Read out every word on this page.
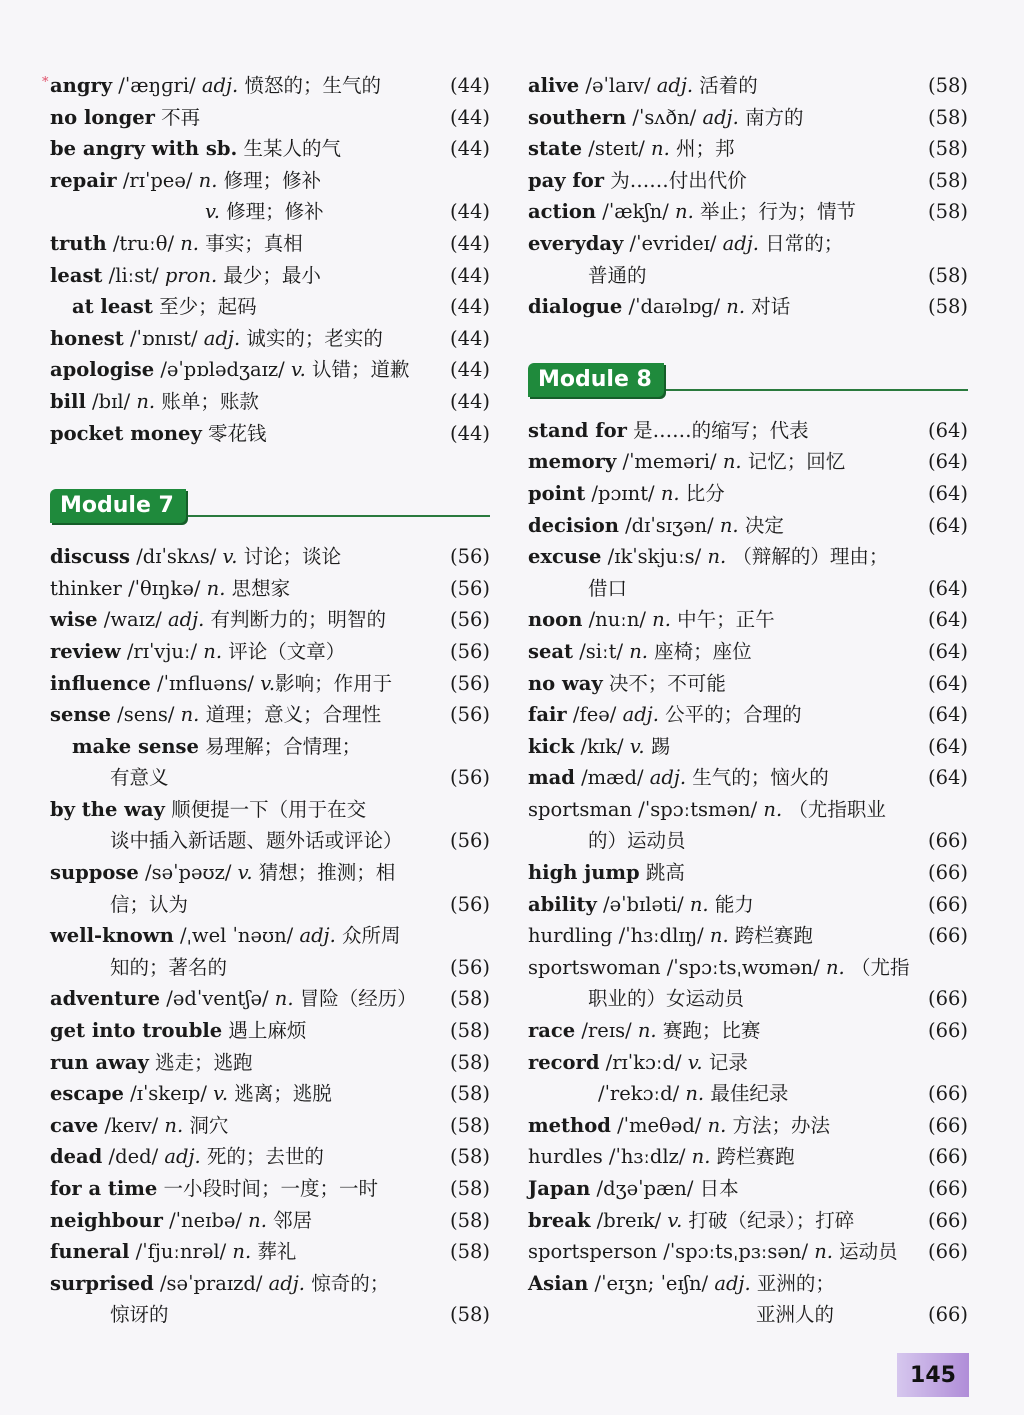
* angry /ˈæŋɡri/ adj. 愤怒的；生气的	(44)
no longer 不再	(44)
be angry with sb. 生某人的气	(44)
repair /rɪˈpeə/ n. 修理；修补
v. 修理；修补	(44)
truth /truːθ/ n. 事实；真相	(44)
least /liːst/ pron. 最少；最小	(44)
at least 至少；起码	(44)
honest /ˈɒnɪst/ adj. 诚实的；老实的	(44)
apologise /əˈpɒlədʒaɪz/ v. 认错；道歉	(44)
bill /bɪl/ n. 账单；账款	(44)
pocket money 零花钱	(44)
Module 7
discuss /dɪˈskʌs/ v. 讨论；谈论	(56)
thinker /ˈθɪŋkə/ n. 思想家	(56)
wise /waɪz/ adj. 有判断力的；明智的	(56)
review /rɪˈvjuː/ n. 评论（文章）	(56)
influence /ˈɪnfluəns/ v.影响；作用于	(56)
sense /sens/ n. 道理；意义；合理性	(56)
make sense 易理解；合情理；
有意义	(56)
by the way 顺便提一下（用于在交
谈中插入新话题、题外话或评论）	(56)
suppose /səˈpəʊz/ v. 猜想；推测；相
信；认为	(56)
well-known /ˌwel ˈnəʊn/ adj. 众所周
知的；著名的	(56)
adventure /ədˈventʃə/ n. 冒险（经历）	(58)
get into trouble 遇上麻烦	(58)
run away 逃走；逃跑	(58)
escape /ɪˈskeɪp/ v. 逃离；逃脱	(58)
cave /keɪv/ n. 洞穴	(58)
dead /ded/ adj. 死的；去世的	(58)
for a time 一小段时间；一度；一时	(58)
neighbour /ˈneɪbə/ n. 邻居	(58)
funeral /ˈfjuːnrəl/ n. 葬礼	(58)
surprised /səˈpraɪzd/ adj. 惊奇的；
惊讶的	(58)
alive /əˈlaɪv/ adj. 活着的	(58)
southern /ˈsʌðn/ adj. 南方的	(58)
state /steɪt/ n. 州；邦	(58)
pay for 为……付出代价	(58)
action /ˈækʃn/ n. 举止；行为；情节	(58)
everyday /ˈevrideɪ/ adj. 日常的；
普通的	(58)
dialogue /ˈdaɪəlɒɡ/ n. 对话	(58)
Module 8
stand for 是……的缩写；代表	(64)
memory /ˈmeməri/ n. 记忆；回忆	(64)
point /pɔɪnt/ n. 比分	(64)
decision /dɪˈsɪʒən/ n. 决定	(64)
excuse /ɪkˈskjuːs/ n. （辩解的）理由；
借口	(64)
noon /nuːn/ n. 中午；正午	(64)
seat /siːt/ n. 座椅；座位	(64)
no way 决不；不可能	(64)
fair /feə/ adj. 公平的；合理的	(64)
kick /kɪk/ v. 踢	(64)
mad /mæd/ adj. 生气的；恼火的	(64)
sportsman /ˈspɔːtsmən/ n. （尤指职业
的）运动员	(66)
high jump 跳高	(66)
ability /əˈbɪləti/ n. 能力	(66)
hurdling /ˈhɜːdlɪŋ/ n. 跨栏赛跑	(66)
sportswoman /ˈspɔːtsˌwʊmən/ n. （尤指
职业的）女运动员	(66)
race /reɪs/ n. 赛跑；比赛	(66)
record /rɪˈkɔːd/ v. 记录
/ˈrekɔːd/ n. 最佳纪录	(66)
method /ˈmeθəd/ n. 方法；办法	(66)
hurdles /ˈhɜːdlz/ n. 跨栏赛跑	(66)
Japan /dʒəˈpæn/ 日本	(66)
break /breɪk/ v. 打破（纪录）；打碎	(66)
sportsperson /ˈspɔːtsˌpɜːsən/ n. 运动员	(66)
Asian /ˈeɪʒn; ˈeɪʃn/ adj. 亚洲的；
亚洲人的	(66)
145
